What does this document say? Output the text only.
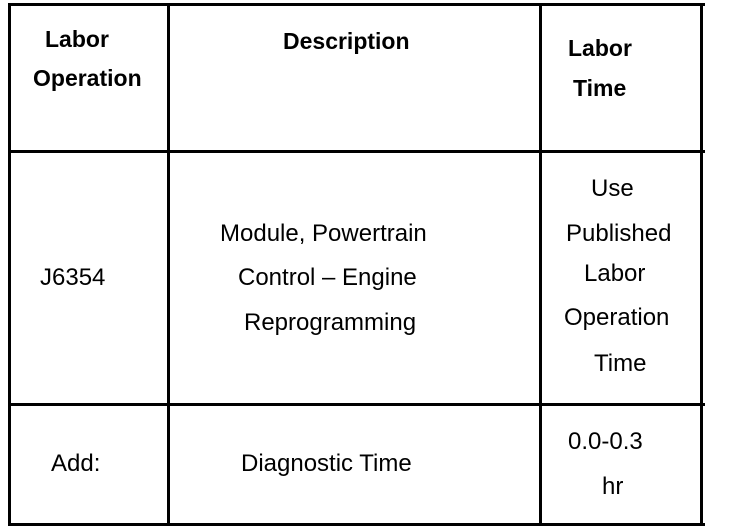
Labor
Operation
Description	Labor
Time
J6354
Module, Powertrain
Control – Engine
Reprogramming
Use
Published
Labor
Operation
Time
Add:	Diagnostic Time
0.0-0.3
hr
